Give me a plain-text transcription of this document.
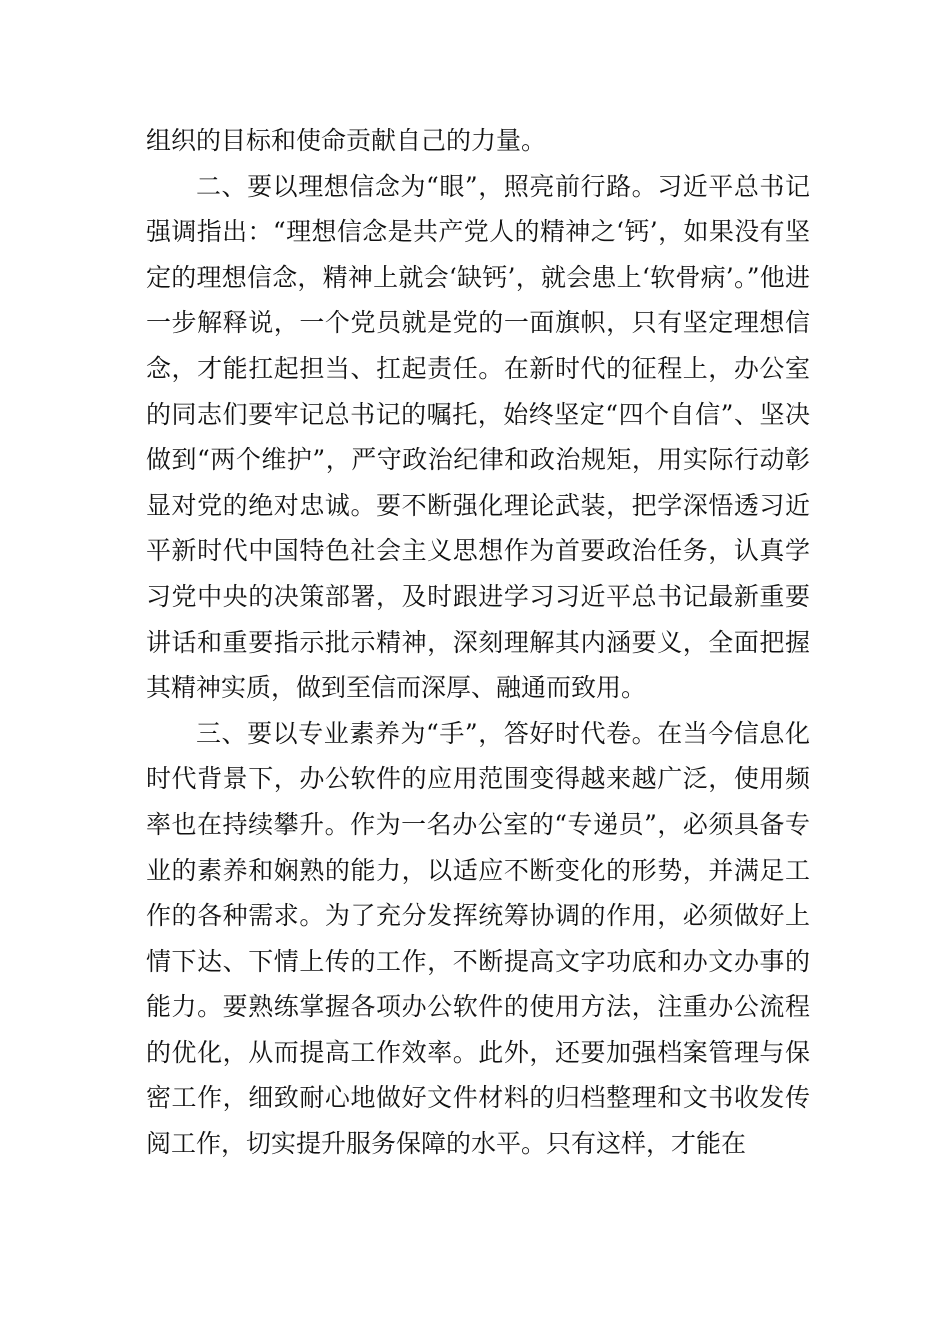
组织的目标和使命贡献自己的力量。

二、要以理想信念为“眼”，照亮前行路。习近平总书记强调指出：“理想信念是共产党人的精神之‘钙’，如果没有坚定的理想信念，精神上就会‘缺钙’，就会患上‘软骨病’。”他进一步解释说，一个党员就是党的一面旗帜，只有坚定理想信念，才能扛起担当、扛起责任。在新时代的征程上，办公室的同志们要牢记总书记的嘱托，始终坚定“四个自信”、坚决做到“两个维护”，严守政治纪律和政治规矩，用实际行动彰显对党的绝对忠诚。要不断强化理论武装，把学深悟透习近平新时代中国特色社会主义思想作为首要政治任务，认真学习党中央的决策部署，及时跟进学习习近平总书记最新重要讲话和重要指示批示精神，深刻理解其内涵要义，全面把握其精神实质，做到至信而深厚、融通而致用。

三、要以专业素养为“手”，答好时代卷。在当今信息化时代背景下，办公软件的应用范围变得越来越广泛，使用频率也在持续攀升。作为一名办公室的“专递员”，必须具备专业的素养和娴熟的能力，以适应不断变化的形势，并满足工作的各种需求。为了充分发挥统筹协调的作用，必须做好上情下达、下情上传的工作，不断提高文字功底和办文办事的能力。要熟练掌握各项办公软件的使用方法，注重办公流程的优化，从而提高工作效率。此外，还要加强档案管理与保密工作，细致耐心地做好文件材料的归档整理和文书收发传阅工作，切实提升服务保障的水平。只有这样，才能在
